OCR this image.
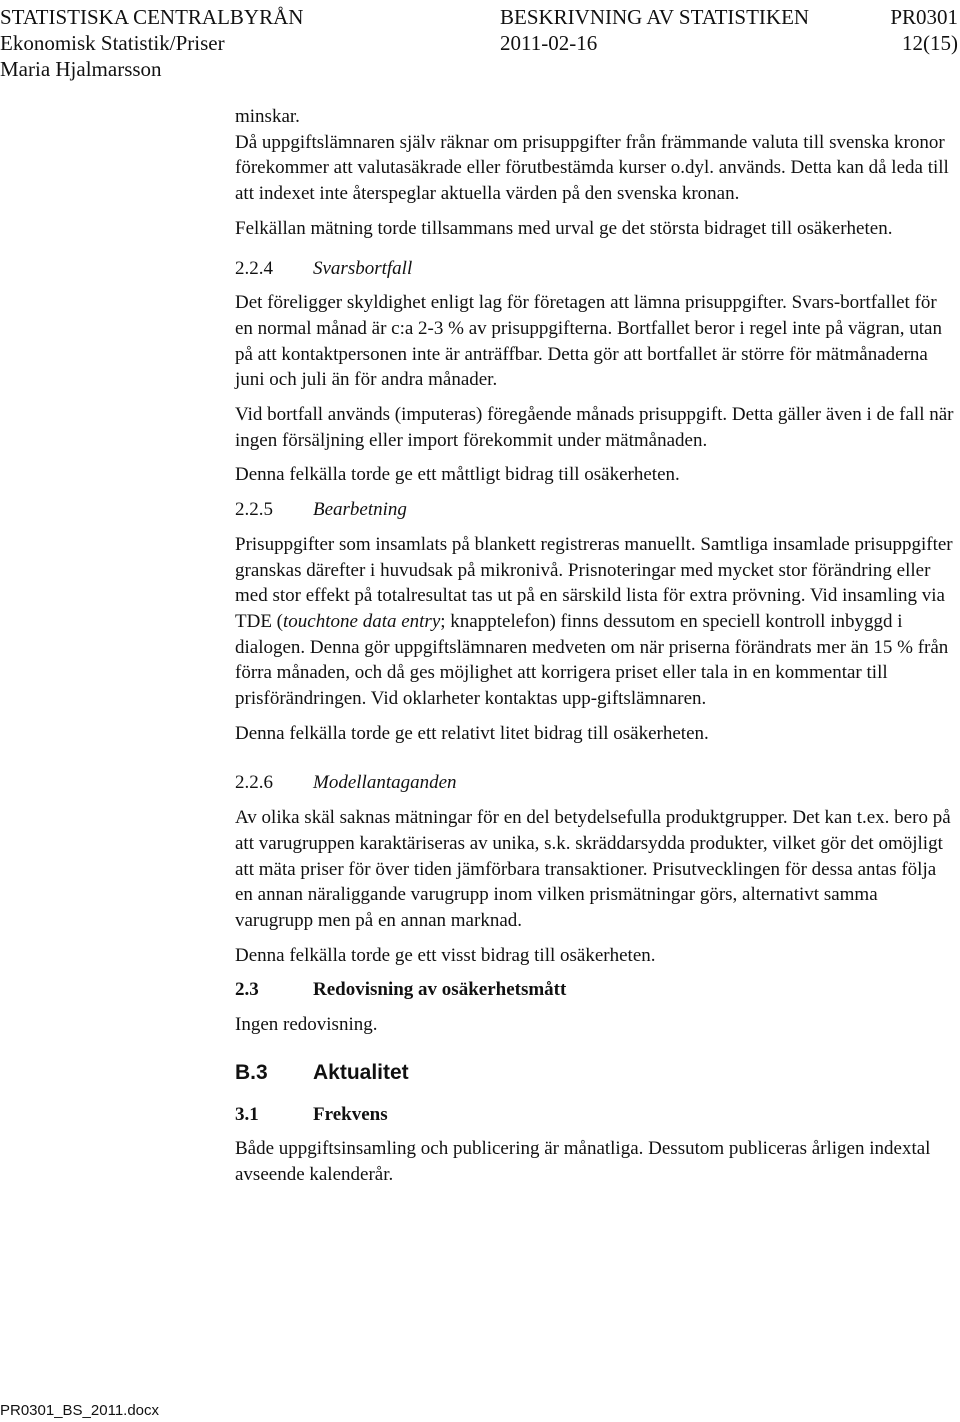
STATISTISKA CENTRALBYRÅN	BESKRIVNING AV STATISTIKEN	PR0301
Ekonomisk Statistik/Priser	2011-02-16	12(15)
Maria Hjalmarsson

minskar.

Då uppgiftslämnaren själv räknar om prisuppgifter från främmande valuta till svenska kronor förekommer att valutasäkrade eller förutbestämda kurser o.dyl. används. Detta kan då leda till att indexet inte återspeglar aktuella värden på den svenska kronan.

Felkällan mätning torde tillsammans med urval ge det största bidraget till osäkerheten.

2.2.4	Svarsbortfall

Det föreligger skyldighet enligt lag för företagen att lämna prisuppgifter. Svars-bortfallet för en normal månad är c:a 2-3 % av prisuppgifterna. Bortfallet beror i regel inte på vägran, utan på att kontaktpersonen inte är anträffbar. Detta gör att bortfallet är större för mätmånaderna juni och juli än för andra månader.

Vid bortfall används (imputeras) föregående månads prisuppgift. Detta gäller även i de fall när ingen försäljning eller import förekommit under mätmånaden.

Denna felkälla torde ge ett måttligt bidrag till osäkerheten.

2.2.5	Bearbetning

Prisuppgifter som insamlats på blankett registreras manuellt. Samtliga insamlade prisuppgifter granskas därefter i huvudsak på mikronivå. Prisnoteringar med mycket stor förändring eller med stor effekt på totalresultat tas ut på en särskild lista för extra prövning. Vid insamling via TDE (touchtone data entry; knapptelefon) finns dessutom en speciell kontroll inbyggd i dialogen. Denna gör uppgiftslämnaren medveten om när priserna förändrats mer än 15 % från förra månaden, och då ges möjlighet att korrigera priset eller tala in en kommentar till prisförändringen. Vid oklarheter kontaktas upp-giftslämnaren.

Denna felkälla torde ge ett relativt litet bidrag till osäkerheten.

2.2.6	Modellantaganden

Av olika skäl saknas mätningar för en del betydelsefulla produktgrupper. Det kan t.ex. bero på att varugruppen karaktäriseras av unika, s.k. skräddarsydda produkter, vilket gör det omöjligt att mäta priser för över tiden jämförbara transaktioner. Prisutvecklingen för dessa antas följa en annan näraliggande varugrupp inom vilken prismätningar görs, alternativt samma varugrupp men på en annan marknad.

Denna felkälla torde ge ett visst bidrag till osäkerheten.

2.3	Redovisning av osäkerhetsmått

Ingen redovisning.

B.3	Aktualitet
3.1	Frekvens

Både uppgiftsinsamling och publicering är månatliga. Dessutom publiceras årligen indextal avseende kalenderår.

PR0301_BS_2011.docx
